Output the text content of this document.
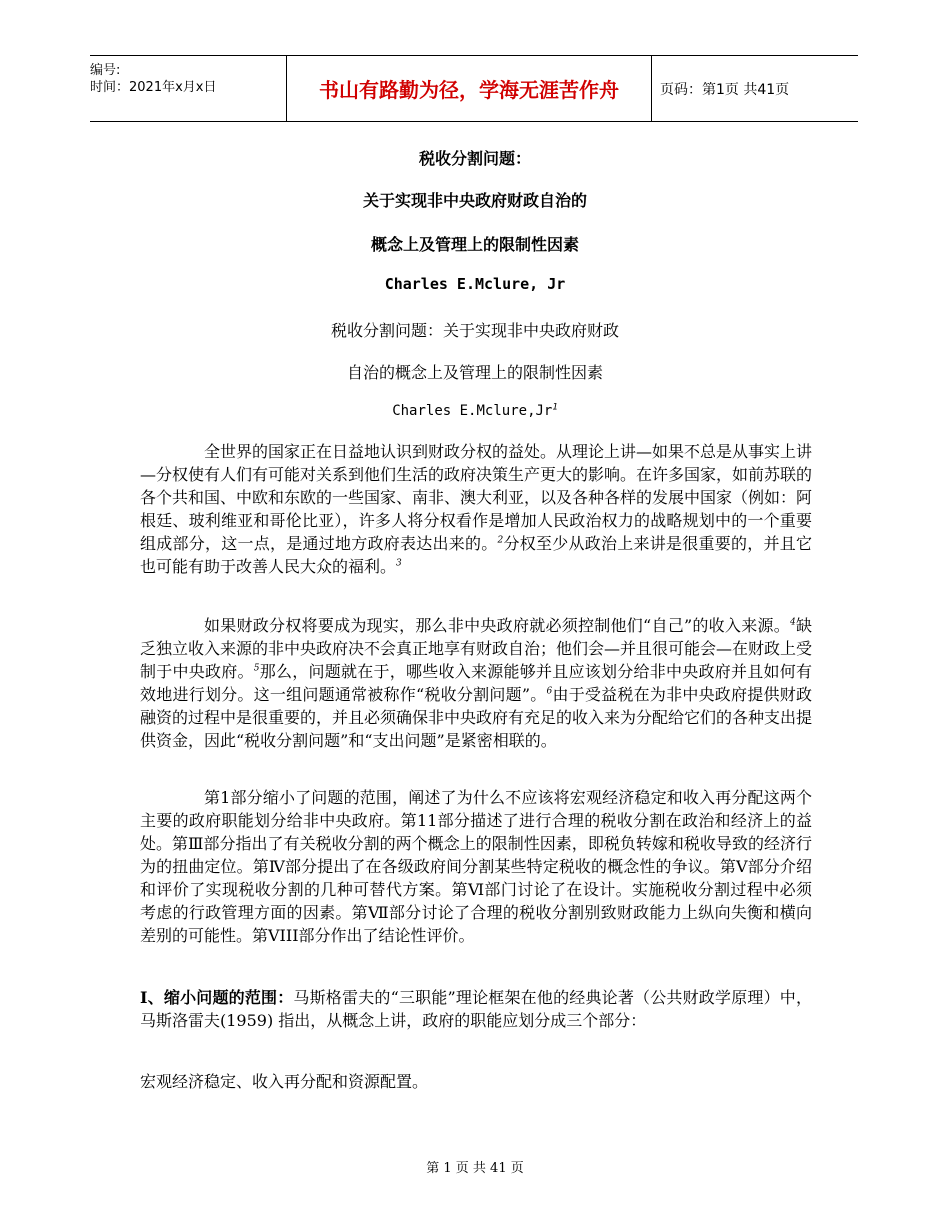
编号:
时间：2021年x月x日	书山有路勤为径，学海无涯苦作舟	页码：第1页 共41页
税收分割问题：
关于实现非中央政府财政自治的
概念上及管理上的限制性因素
Charles E.Mclure, Jr
税收分割问题：关于实现非中央政府财政
自治的概念上及管理上的限制性因素
Charles E.Mclure,Jr$^1$

全世界的国家正在日益地认识到财政分权的益处。从理论上讲—如果不总是从事实上讲—分权使有人们有可能对关系到他们生活的政府决策生产更大的影响。在许多国家，如前苏联的各个共和国、中欧和东欧的一些国家、南非、澳大利亚，以及各种各样的发展中国家（例如：阿根廷、玻利维亚和哥伦比亚），许多人将分权看作是增加人民政治权力的战略规划中的一个重要组成部分，这一点，是通过地方政府表达出来的。$^2$分权至少从政治上来讲是很重要的，并且它也可能有助于改善人民大众的福利。$^3$

如果财政分权将要成为现实，那么非中央政府就必须控制他们“自己”的收入来源。$^4$缺乏独立收入来源的非中央政府决不会真正地享有财政自治；他们会—并且很可能会—在财政上受制于中央政府。$^5$那么，问题就在于，哪些收入来源能够并且应该划分给非中央政府并且如何有效地进行划分。这一组问题通常被称作“税收分割问题”。$^6$由于受益税在为非中央政府提供财政融资的过程中是很重要的，并且必须确保非中央政府有充足的收入来为分配给它们的各种支出提供资金，因此“税收分割问题”和“支出问题”是紧密相联的。

第1部分缩小了问题的范围，阐述了为什么不应该将宏观经济稳定和收入再分配这两个主要的政府职能划分给非中央政府。第11部分描述了进行合理的税收分割在政治和经济上的益处。第Ⅲ部分指出了有关税收分割的两个概念上的限制性因素，即税负转嫁和税收导致的经济行为的扭曲定位。第Ⅳ部分提出了在各级政府间分割某些特定税收的概念性的争议。第Ⅴ部分介绍和评价了实现税收分割的几种可替代方案。第Ⅵ部门讨论了在设计。实施税收分割过程中必须考虑的行政管理方面的因素。第Ⅶ部分讨论了合理的税收分割别致财政能力上纵向失衡和横向差别的可能性。第VIII部分作出了结论性评价。

Ⅰ、缩小问题的范围：马斯格雷夫的“三职能”理论框架在他的经典论著（公共财政学原理）中，马斯洛雷夫(1959) 指出，从概念上讲，政府的职能应划分成三个部分：

宏观经济稳定、收入再分配和资源配置。

第 1 页 共 41 页
